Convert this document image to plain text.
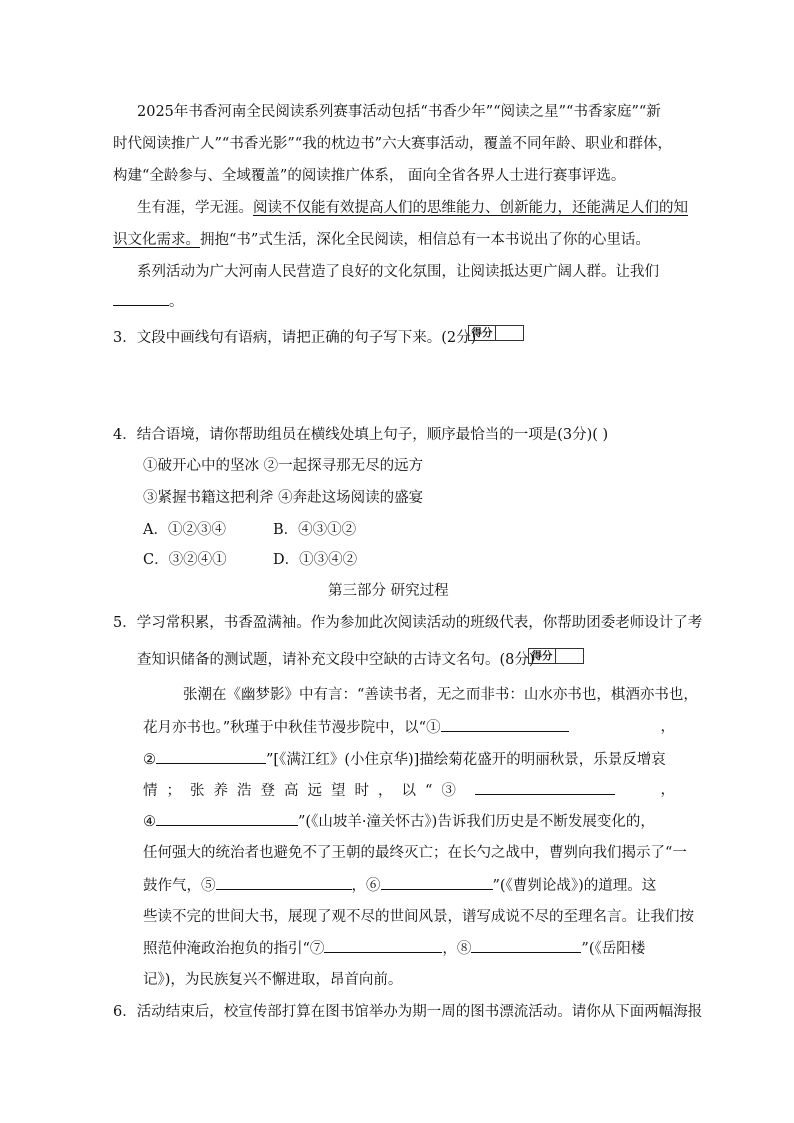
2025年书香河南全民阅读系列赛事活动包括“书香少年”“阅读之星”“书香家庭”“新
时代阅读推广人”“书香光影”“我的枕边书”六大赛事活动，覆盖不同年龄、职业和群体，
构建“全龄参与、全域覆盖”的阅读推广体系， 面向全省各界人士进行赛事评选。
生有涯，学无涯。阅读不仅能有效提高人们的思维能力、创新能力，还能满足人们的知
识文化需求。拥抱“书”式生活，深化全民阅读，相信总有一本书说出了你的心里话。
系列活动为广大河南人民营造了良好的文化氛围，让阅读抵达更广阔人群。让我们
。
3．文段中画线句有语病，请把正确的句子写下来。(2分)
得分
4．结合语境，请你帮助组员在横线处填上句子，顺序最恰当的一项是(3分)( )
①破开心中的坚冰 ②一起探寻那无尽的远方
③紧握书籍这把利斧 ④奔赴这场阅读的盛宴
A．①②③④	B．④③①②
C．③②④①	D．①③④②
第三部分 研究过程
5．学习常积累，书香盈满袖。作为参加此次阅读活动的班级代表，你帮助团委老师设计了考
查知识储备的测试题，请补充文段中空缺的古诗文名句。(8分)
得分
张潮在《幽梦影》中有言：“善读书者，无之而非书：山水亦书也，棋酒亦书也，
花月亦书也。”秋瑾于中秋佳节漫步院中，以“①	，
②	”[《满江红》(小住京华)]描绘菊花盛开的明丽秋景，乐景反增哀
情；张养浩登高远望时，以“③	，
④	”(《山坡羊·潼关怀古》)告诉我们历史是不断发展变化的，
任何强大的统治者也避免不了王朝的最终灭亡；在长勺之战中，曹刿向我们揭示了“一
鼓作气，⑤	，⑥	”(《曹刿论战》)的道理。这
些读不完的世间大书，展现了观不尽的世间风景，谱写成说不尽的至理名言。让我们按
照范仲淹政治抱负的指引“⑦	，⑧	”(《岳阳楼
记》)，为民族复兴不懈进取，昂首向前。
6．活动结束后，校宣传部打算在图书馆举办为期一周的图书漂流活动。请你从下面两幅海报
